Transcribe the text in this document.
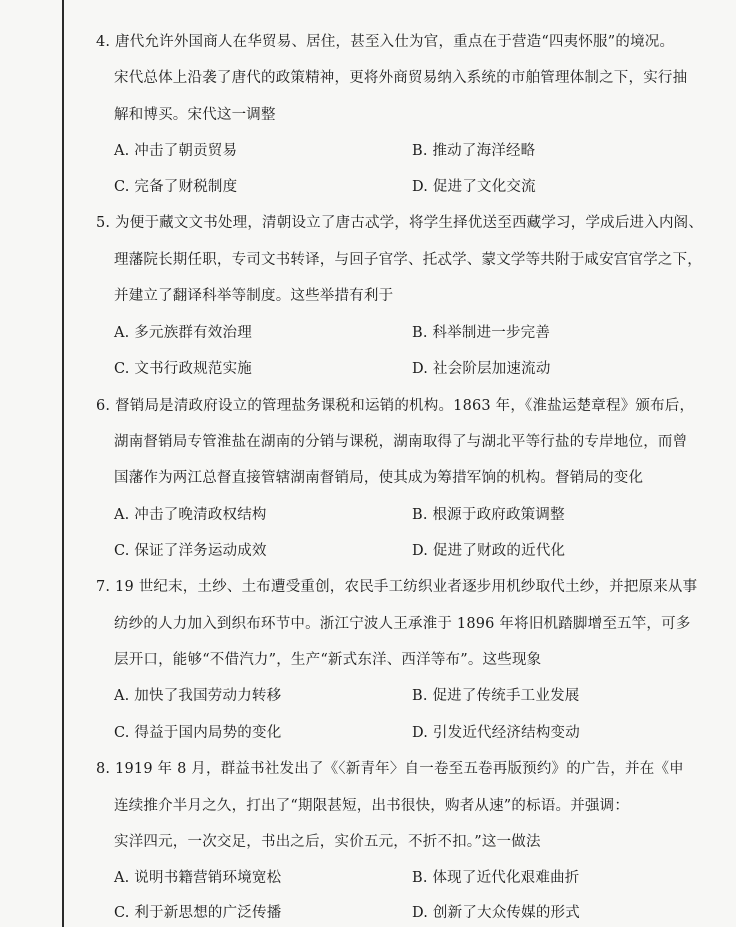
4. 唐代允许外国商人在华贸易、居住，甚至入仕为官，重点在于营造“四夷怀服”的境况。
宋代总体上沿袭了唐代的政策精神，更将外商贸易纳入系统的市舶管理体制之下，实行抽
解和博买。宋代这一调整
A. 冲击了朝贡贸易	B. 推动了海洋经略
C. 完备了财税制度	D. 促进了文化交流
5. 为便于藏文文书处理，清朝设立了唐古忒学，将学生择优送至西藏学习，学成后进入内阁、
理藩院长期任职，专司文书转译，与回子官学、托忒学、蒙文学等共附于咸安宫官学之下，
并建立了翻译科举等制度。这些举措有利于
A. 多元族群有效治理	B. 科举制进一步完善
C. 文书行政规范实施	D. 社会阶层加速流动
6. 督销局是清政府设立的管理盐务课税和运销的机构。1863 年，《淮盐运楚章程》颁布后，
湖南督销局专管淮盐在湖南的分销与课税，湖南取得了与湖北平等行盐的专岸地位，而曾
国藩作为两江总督直接管辖湖南督销局，使其成为筹措军饷的机构。督销局的变化
A. 冲击了晚清政权结构	B. 根源于政府政策调整
C. 保证了洋务运动成效	D. 促进了财政的近代化
7. 19 世纪末，土纱、土布遭受重创，农民手工纺织业者逐步用机纱取代土纱，并把原来从事
纺纱的人力加入到织布环节中。浙江宁波人王承淮于 1896 年将旧机踏脚增至五竿，可多
层开口，能够“不借汽力”，生产“新式东洋、西洋等布”。这些现象
A. 加快了我国劳动力转移	B. 促进了传统手工业发展
C. 得益于国内局势的变化	D. 引发近代经济结构变动
8. 1919 年 8 月，群益书社发出了《〈新青年〉自一卷至五卷再版预约》的广告，并在《申
连续推介半月之久，打出了“期限甚短，出书很快，购者从速”的标语。并强调：
实洋四元，一次交足，书出之后，实价五元，不折不扣。”这一做法
A. 说明书籍营销环境宽松	B. 体现了近代化艰难曲折
C. 利于新思想的广泛传播	D. 创新了大众传媒的形式
